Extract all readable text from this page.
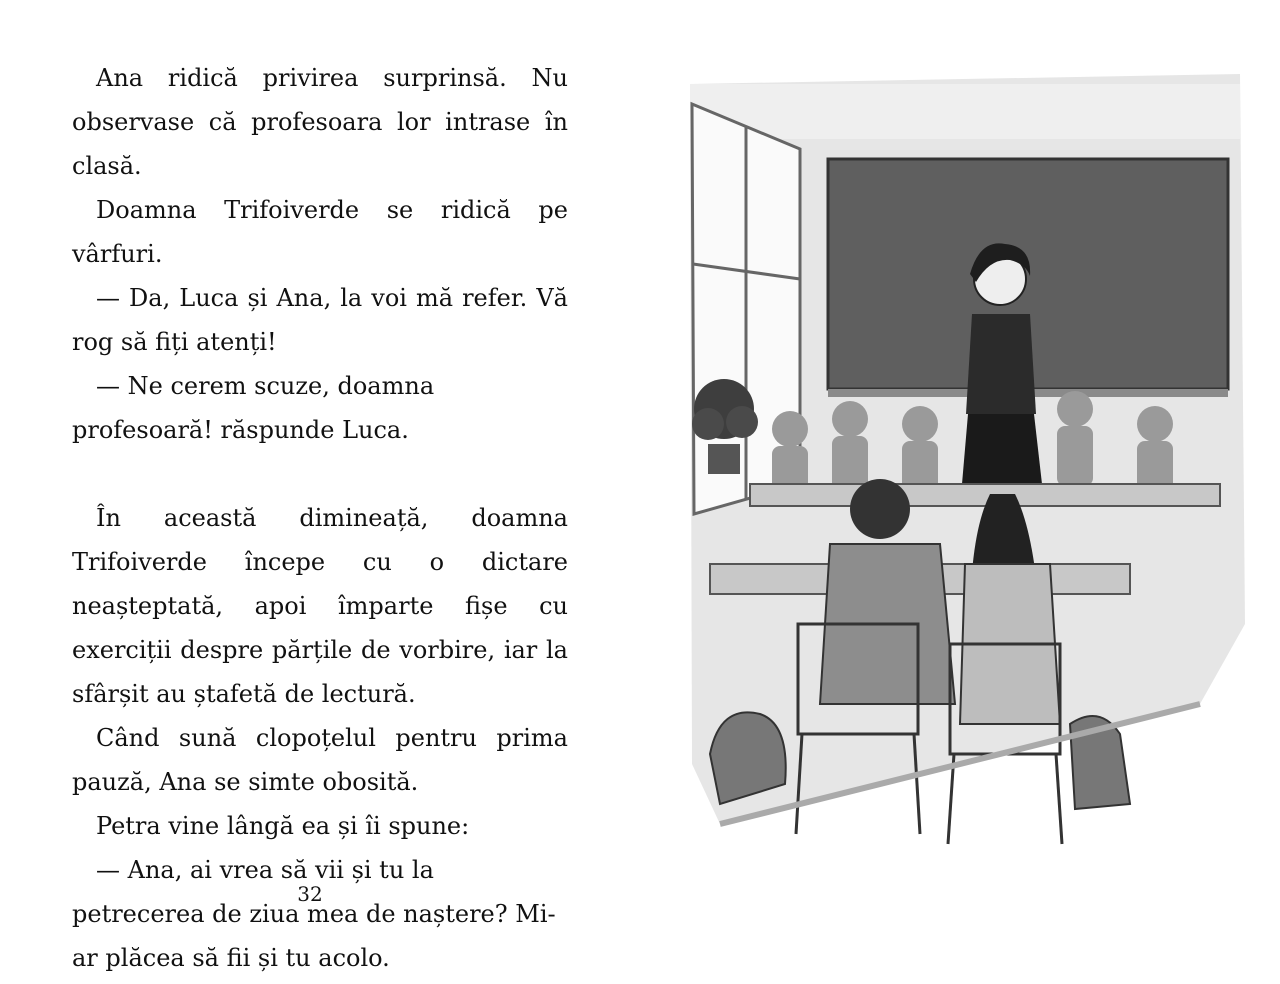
Ana ridică privirea surprinsă. Nu observase că profesoara lor intrase în clasă.

Doamna Trifoiverde se ridică pe vârfuri.

— Da, Luca și Ana, la voi mă refer. Vă rog să fiți atenți!

— Ne cerem scuze, doamna profesoară! răspunde Luca.

În această dimineață, doamna Trifoiverde începe cu o dictare neașteptată, apoi împarte fișe cu exerciții despre părțile de vorbire, iar la sfârșit au ștafetă de lectură.

Când sună clopoțelul pentru prima pauză, Ana se simte obosită.

Petra vine lângă ea și îi spune:

— Ana, ai vrea să vii și tu la petrecerea de ziua mea de naștere? Mi-ar plăcea să fii și tu acolo.

32
